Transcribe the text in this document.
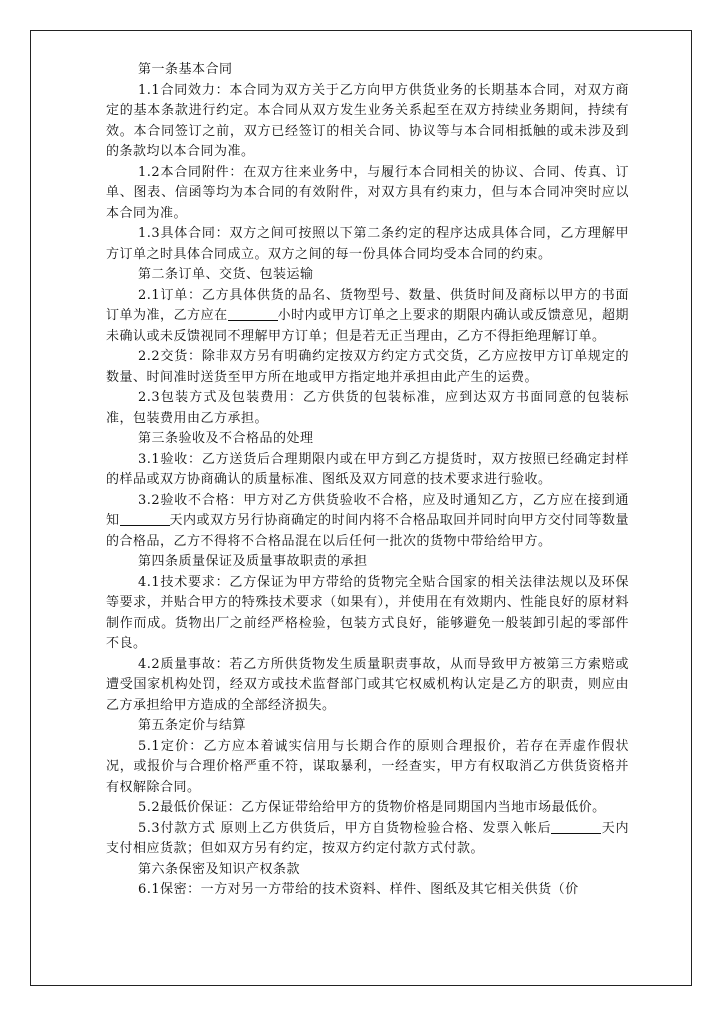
第一条基本合同

1.1合同效力：本合同为双方关于乙方向甲方供货业务的长期基本合同，对双方商定的基本条款进行约定。本合同从双方发生业务关系起至在双方持续业务期间，持续有效。本合同签订之前，双方已经签订的相关合同、协议等与本合同相抵触的或未涉及到的条款均以本合同为准。

1.2本合同附件：在双方往来业务中，与履行本合同相关的协议、合同、传真、订单、图表、信函等均为本合同的有效附件，对双方具有约束力，但与本合同冲突时应以本合同为准。

1.3具体合同：双方之间可按照以下第二条约定的程序达成具体合同，乙方理解甲方订单之时具体合同成立。双方之间的每一份具体合同均受本合同的约束。

第二条订单、交货、包装运输

2.1订单：乙方具体供货的品名、货物型号、数量、供货时间及商标以甲方的书面订单为准，乙方应在	小时内或甲方订单之上要求的期限内确认或反馈意见，超期未确认或未反馈视同不理解甲方订单；但是若无正当理由，乙方不得拒绝理解订单。

2.2交货：除非双方另有明确约定按双方约定方式交货，乙方应按甲方订单规定的数量、时间准时送货至甲方所在地或甲方指定地并承担由此产生的运费。

2.3包装方式及包装费用：乙方供货的包装标准，应到达双方书面同意的包装标准，包装费用由乙方承担。

第三条验收及不合格品的处理

3.1验收：乙方送货后合理期限内或在甲方到乙方提货时，双方按照已经确定封样的样品或双方协商确认的质量标准、图纸及双方同意的技术要求进行验收。

3.2验收不合格：甲方对乙方供货验收不合格，应及时通知乙方，乙方应在接到通知	天内或双方另行协商确定的时间内将不合格品取回并同时向甲方交付同等数量的合格品，乙方不得将不合格品混在以后任何一批次的货物中带给给甲方。

第四条质量保证及质量事故职责的承担

4.1技术要求：乙方保证为甲方带给的货物完全贴合国家的相关法律法规以及环保等要求，并贴合甲方的特殊技术要求（如果有），并使用在有效期内、性能良好的原材料制作而成。货物出厂之前经严格检验，包装方式良好，能够避免一般装卸引起的零部件不良。

4.2质量事故：若乙方所供货物发生质量职责事故，从而导致甲方被第三方索赔或遭受国家机构处罚，经双方或技术监督部门或其它权威机构认定是乙方的职责，则应由乙方承担给甲方造成的全部经济损失。

第五条定价与结算

5.1定价：乙方应本着诚实信用与长期合作的原则合理报价，若存在弄虚作假状况，或报价与合理价格严重不符，谋取暴利，一经查实，甲方有权取消乙方供货资格并有权解除合同。

5.2最低价保证：乙方保证带给给甲方的货物价格是同期国内当地市场最低价。

5.3付款方式 原则上乙方供货后，甲方自货物检验合格、发票入帐后	天内支付相应货款；但如双方另有约定，按双方约定付款方式付款。

第六条保密及知识产权条款

6.1保密：一方对另一方带给的技术资料、样件、图纸及其它相关供货（价
